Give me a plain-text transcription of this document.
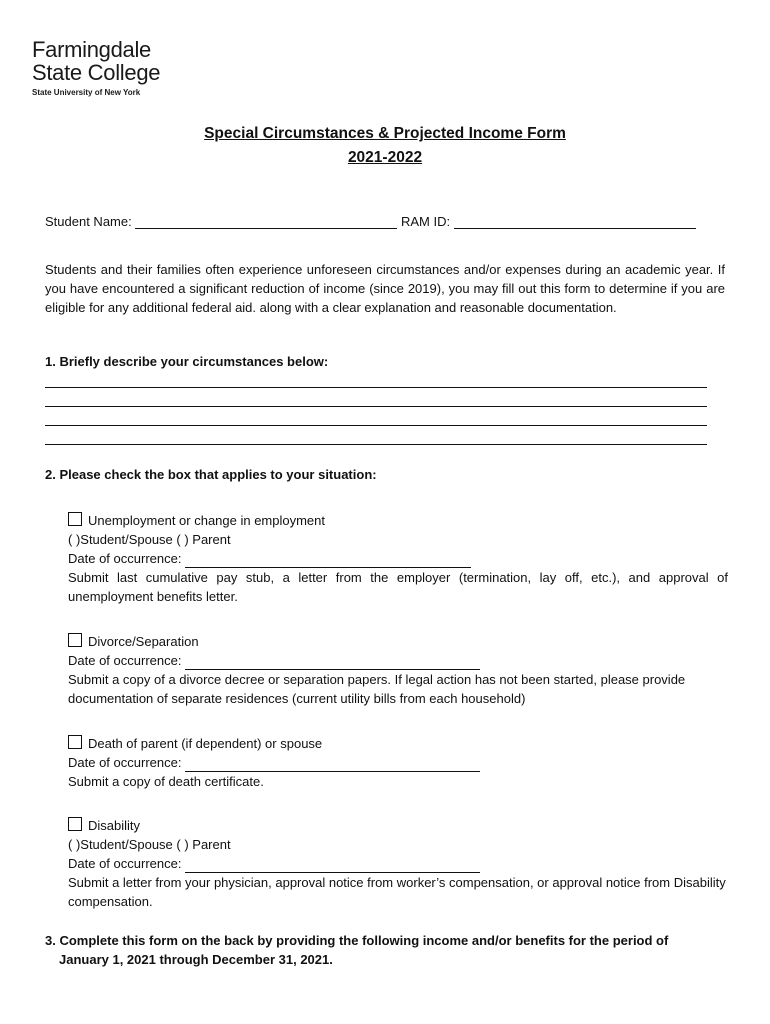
Farmingdale
State College
State University of New York
Special Circumstances & Projected Income Form
2021-2022
Student Name:	RAM ID:
Students and their families often experience unforeseen circumstances and/or expenses during an academic year. If you have encountered a significant reduction of income (since 2019), you may fill out this form to determine if you are eligible for any additional federal aid. along with a clear explanation and reasonable documentation.
1. Briefly describe your circumstances below:
2. Please check the box that applies to your situation:
Unemployment or change in employment
( )Student/Spouse ( ) Parent
Date of occurrence:
Submit last cumulative pay stub, a letter from the employer (termination, lay off, etc.), and approval of unemployment benefits letter.
Divorce/Separation
Date of occurrence:
Submit a copy of a divorce decree or separation papers. If legal action has not been started, please provide documentation of separate residences (current utility bills from each household)
Death of parent (if dependent) or spouse
Date of occurrence:
Submit a copy of death certificate.
Disability
( )Student/Spouse ( ) Parent
Date of occurrence:
Submit a letter from your physician, approval notice from worker’s compensation, or approval notice from Disability compensation.
3. Complete this form on the back by providing the following income and/or benefits for the period of
January 1, 2021 through December 31, 2021.
